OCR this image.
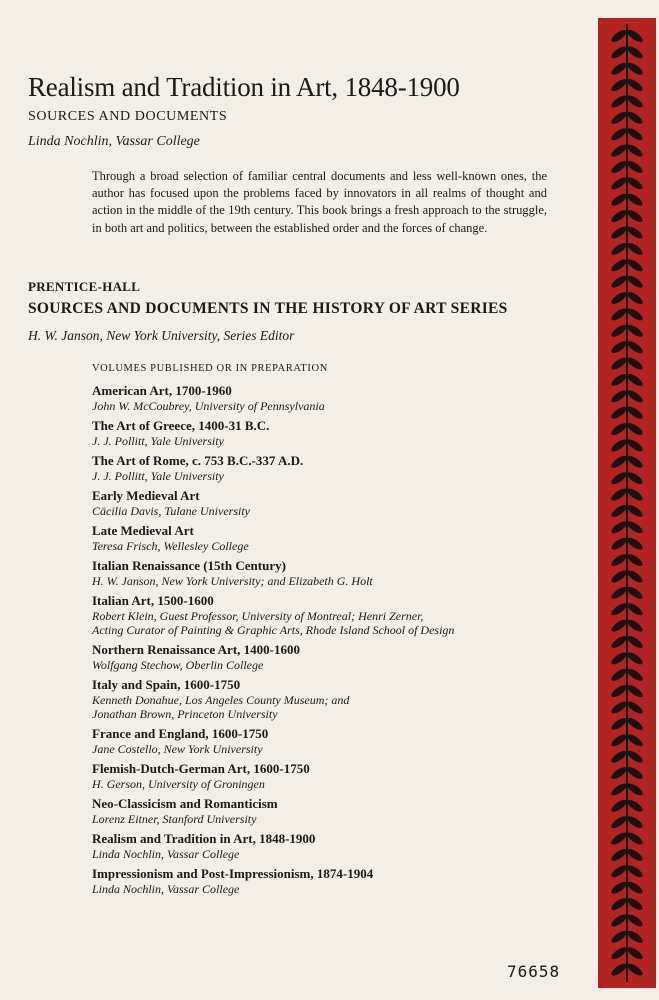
Realism and Tradition in Art, 1848-1900
SOURCES AND DOCUMENTS
Linda Nochlin, Vassar College

Through a broad selection of familiar central documents and less well-known ones, the author has focused upon the problems faced by innovators in all realms of thought and action in the middle of the 19th century. This book brings a fresh approach to the struggle, in both art and politics, between the established order and the forces of change.

PRENTICE-HALL
SOURCES AND DOCUMENTS IN THE HISTORY OF ART SERIES
H. W. Janson, New York University, Series Editor
VOLUMES PUBLISHED OR IN PREPARATION
American Art, 1700-1960
John W. McCoubrey, University of Pennsylvania
The Art of Greece, 1400-31 B.C.
J. J. Pollitt, Yale University
The Art of Rome, c. 753 B.C.-337 A.D.
J. J. Pollitt, Yale University
Early Medieval Art
Cäcilia Davis, Tulane University
Late Medieval Art
Teresa Frisch, Wellesley College
Italian Renaissance (15th Century)
H. W. Janson, New York University; and Elizabeth G. Holt
Italian Art, 1500-1600
Robert Klein, Guest Professor, University of Montreal; Henri Zerner,
Acting Curator of Painting & Graphic Arts, Rhode Island School of Design
Northern Renaissance Art, 1400-1600
Wolfgang Stechow, Oberlin College
Italy and Spain, 1600-1750
Kenneth Donahue, Los Angeles County Museum; and
Jonathan Brown, Princeton University
France and England, 1600-1750
Jane Costello, New York University
Flemish-Dutch-German Art, 1600-1750
H. Gerson, University of Groningen
Neo-Classicism and Romanticism
Lorenz Eitner, Stanford University
Realism and Tradition in Art, 1848-1900
Linda Nochlin, Vassar College
Impressionism and Post-Impressionism, 1874-1904
Linda Nochlin, Vassar College
76658
